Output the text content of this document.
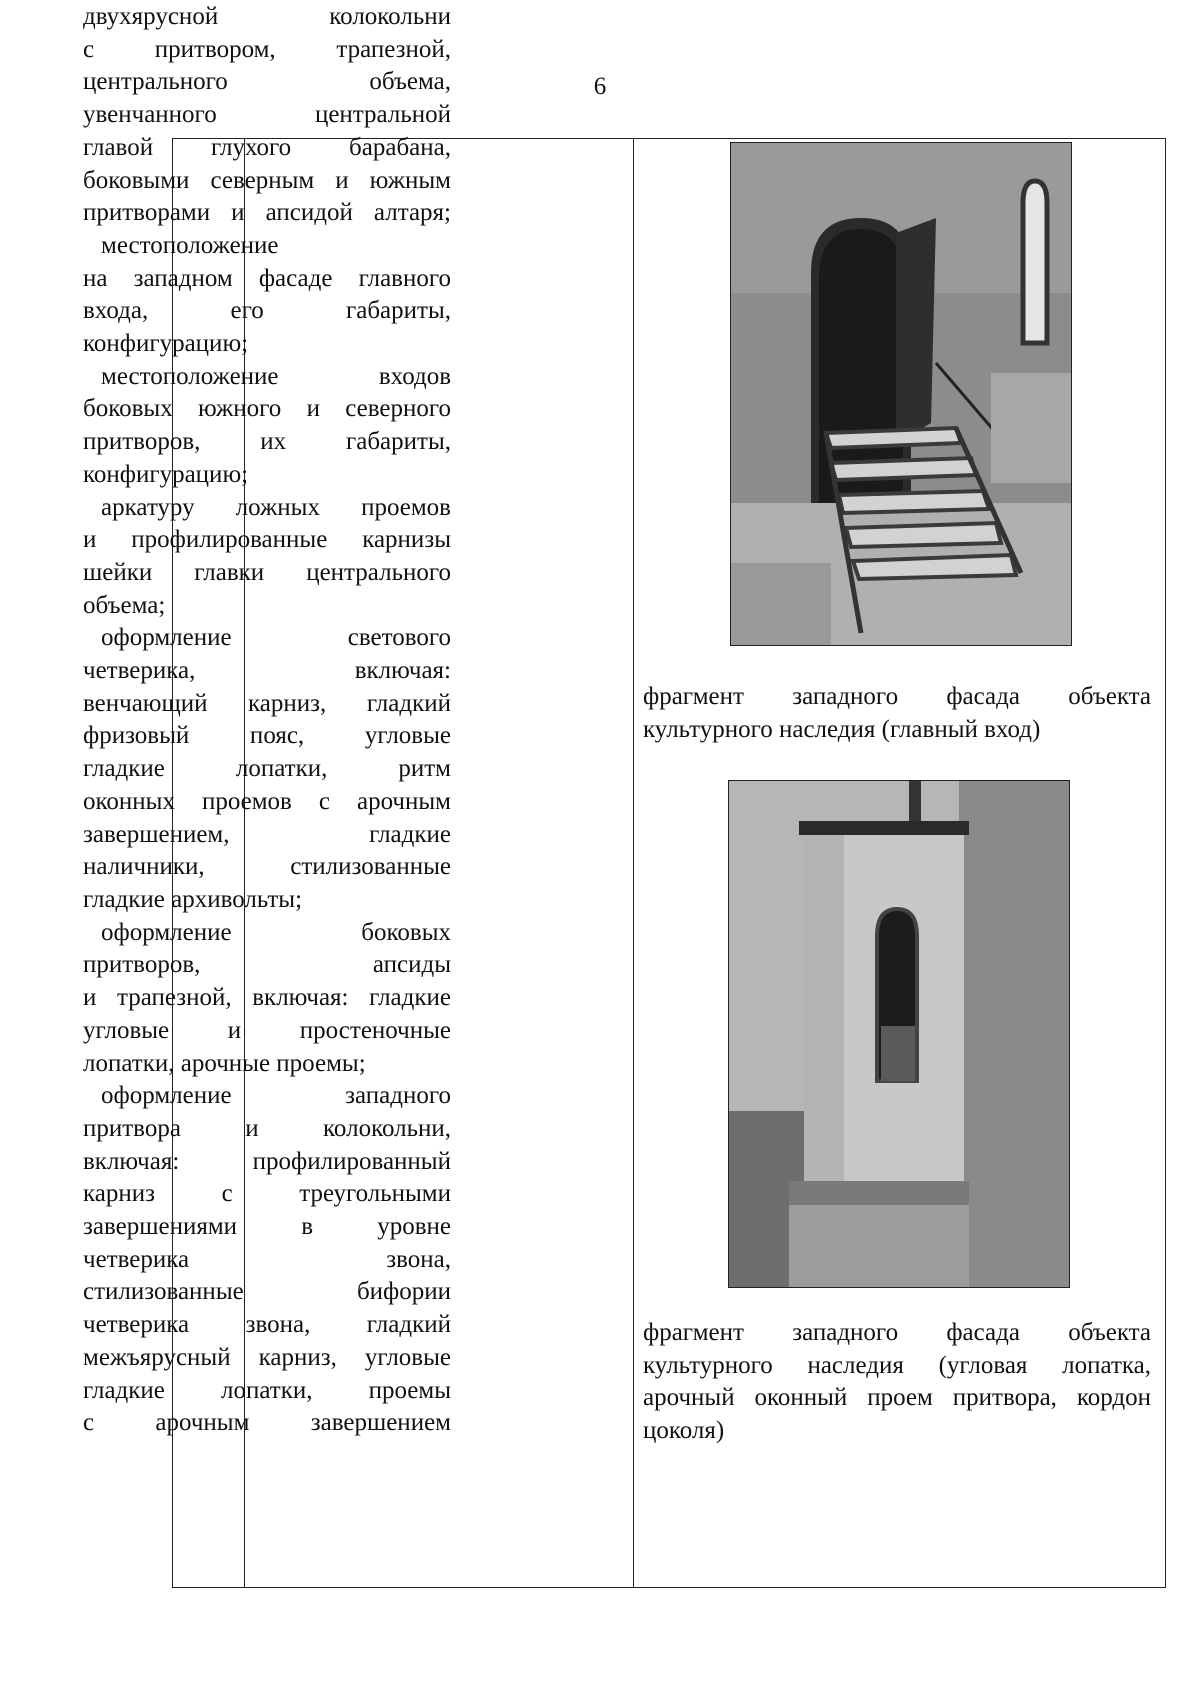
6
двухярусной колокольни
с притвором, трапезной,
центрального объема,
увенчанного центральной
главой глухого барабана,
боковыми северным и южным
притворами и апсидой алтаря;
местоположение
на западном фасаде главного
входа, его габариты,
конфигурацию;
местоположение входов
боковых южного и северного
притворов, их габариты,
конфигурацию;
аркатуру ложных проемов
и профилированные карнизы
шейки главки центрального
объема;
оформление светового
четверика, включая:
венчающий карниз, гладкий
фризовый пояс, угловые
гладкие лопатки, ритм
оконных проемов с арочным
завершением, гладкие
наличники, стилизованные
гладкие архивольты;
оформление боковых
притворов, апсиды
и трапезной, включая: гладкие
угловые и простеночные
лопатки, арочные проемы;
оформление западного
притвора и колокольни,
включая: профилированный
карниз с треугольными
завершениями в уровне
четверика звона,
стилизованные бифории
четверика звона, гладкий
межъярусный карниз, угловые
гладкие лопатки, проемы
с арочным завершением
фрагмент западного фасада объекта
культурного наследия (главный вход)
фрагмент западного фасада объекта
культурного наследия (угловая лопатка,
арочный оконный проем притвора, кордон
цоколя)
